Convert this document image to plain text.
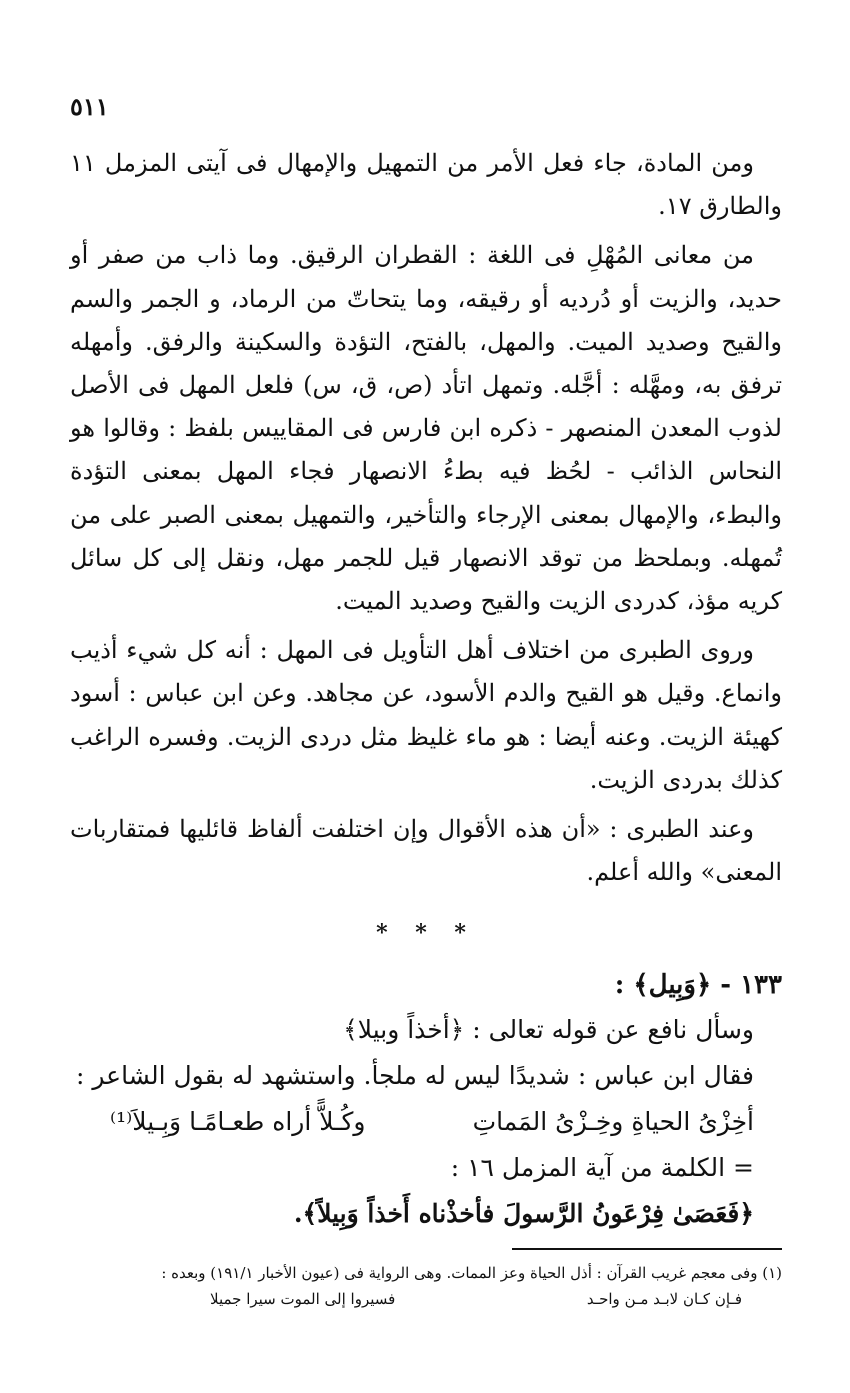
٥١١

ومن المادة، جاء فعل الأمر من التمهيل والإمهال فى آيتى المزمل ١١ والطارق ١٧.

من معانى المُهْلِ فى اللغة : القطران الرقيق. وما ذاب من صفر أو حديد، والزيت أو دُرديه أو رقيقه، وما يتحاتّ من الرماد، و الجمر والسم والقيح وصديد الميت. والمهل، بالفتح، التؤدة والسكينة والرفق. وأمهله ترفق به، ومهَّله : أجَّله. وتمهل اتأد (ص، ق، س) فلعل المهل فى الأصل لذوب المعدن المنصهر - ذكره ابن فارس فى المقاييس بلفظ : وقالوا هو النحاس الذائب - لحُظ فيه بطءُ الانصهار فجاء المهل بمعنى التؤدة والبطء، والإمهال بمعنى الإرجاء والتأخير، والتمهيل بمعنى الصبر على من تُمهله. وبملحظ من توقد الانصهار قيل للجمر مهل، ونقل إلى كل سائل كريه مؤذ، كدردى الزيت والقيح وصديد الميت.

وروى الطبرى من اختلاف أهل التأويل فى المهل : أنه كل شيء أذيب وانماع. وقيل هو القيح والدم الأسود، عن مجاهد. وعن ابن عباس : أسود كهيئة الزيت. وعنه أيضا : هو ماء غليظ مثل دردى الزيت. وفسره الراغب كذلك بدردى الزيت.

وعند الطبرى : «أن هذه الأقوال وإن اختلفت ألفاظ قائليها فمتقاربات المعنى» والله أعلم.

* * *
١٣٣ - ﴿وَبِيل﴾ :
وسأل نافع عن قوله تعالى : ﴿أخذاً وبيلا﴾
فقال ابن عباس : شديدًا ليس له ملجأ. واستشهد له بقول الشاعر :
أخِزْىُ الحياةِ وخِـزْىُ المَماتِ
وكُـلاًّ أراه طعـامًـا وَبِـيلاَ⁽¹⁾
= الكلمة من آية المزمل ١٦ :
﴿فَعَصَىٰ فِرْعَونُ الرَّسولَ فأخذْناه أَخذاً وَبِيلاً﴾.
(١) وفى معجم غريب القرآن : أذل الحياة وعز الممات. وهى الرواية فى (عيون الأخبار ١٩١/١) وبعده :
فـإن كـان لابـد مـن واحـد
فسيروا إلى الموت سيرا جميلا
